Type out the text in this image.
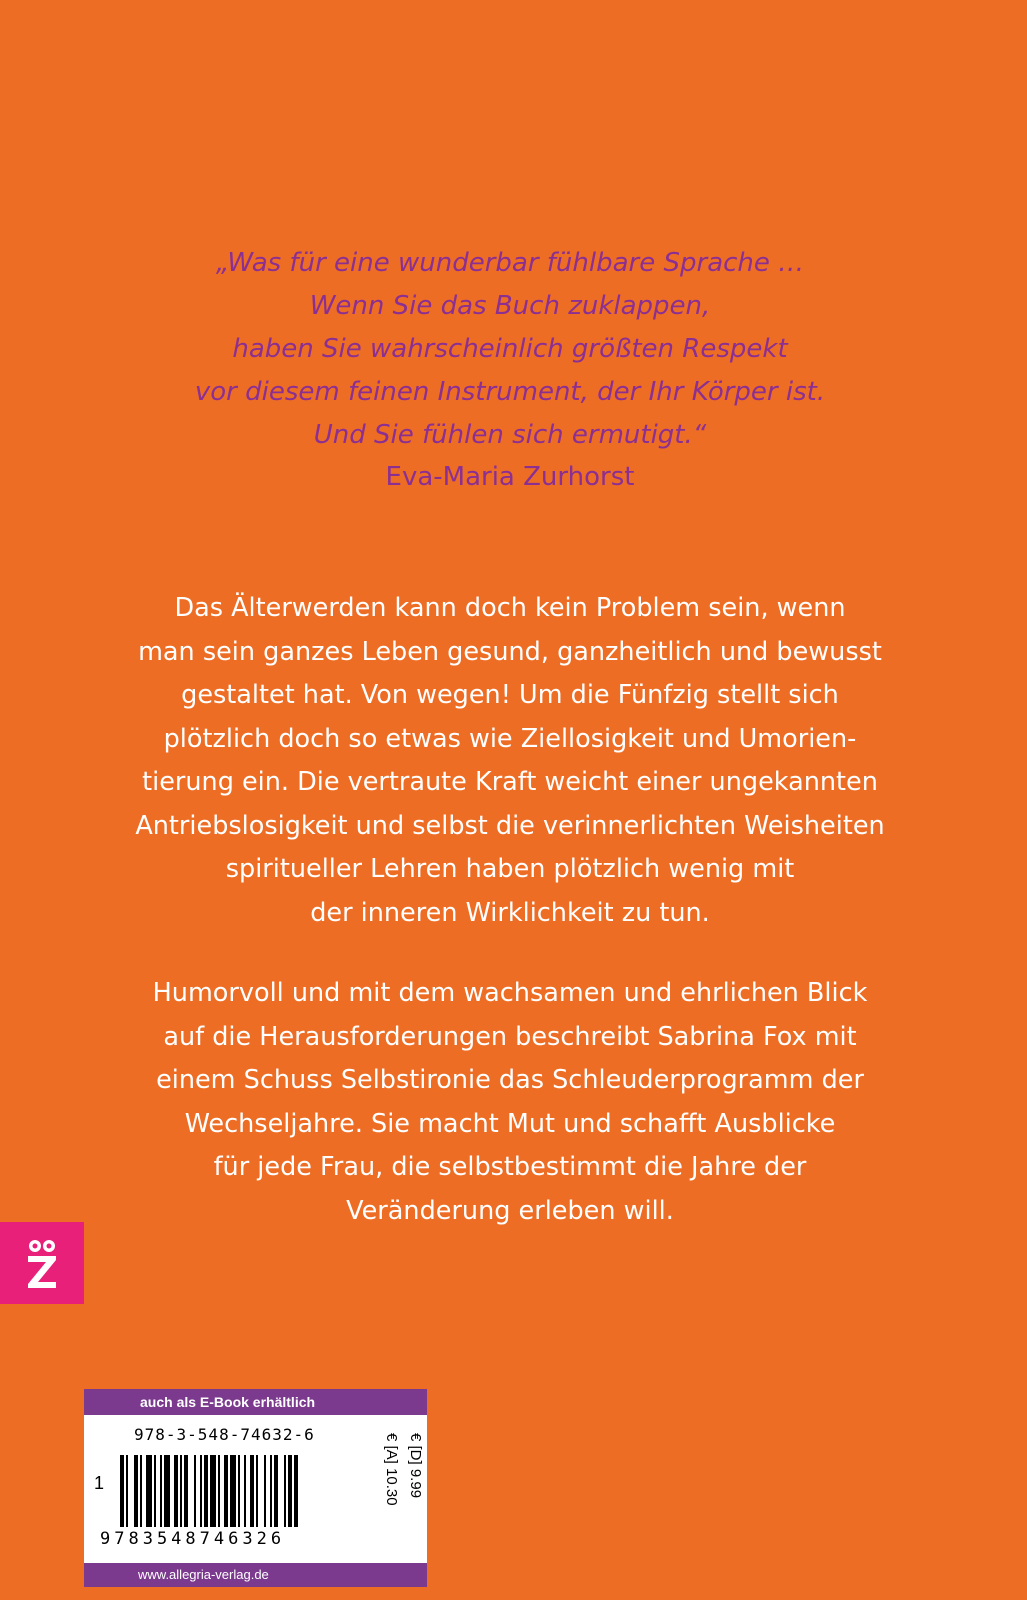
„Was für eine wunderbar fühlbare Sprache …
Wenn Sie das Buch zuklappen,
haben Sie wahrscheinlich größten Respekt
vor diesem feinen Instrument, der Ihr Körper ist.
Und Sie fühlen sich ermutigt.“
Eva-Maria Zurhorst
Das Älterwerden kann doch kein Problem sein, wenn
man sein ganzes Leben gesund, ganzheitlich und bewusst
gestaltet hat. Von wegen! Um die Fünfzig stellt sich
plötzlich doch so etwas wie Ziellosigkeit und Umorien-
tierung ein. Die vertraute Kraft weicht einer ungekannten
Antriebslosigkeit und selbst die verinnerlichten Weisheiten
spiritueller Lehren haben plötzlich wenig mit
der inneren Wirklichkeit zu tun.
Humorvoll und mit dem wachsamen und ehrlichen Blick
auf die Herausforderungen beschreibt Sabrina Fox mit
einem Schuss Selbstironie das Schleuderprogramm der
Wechseljahre. Sie macht Mut und schafft Ausblicke
für jede Frau, die selbstbestimmt die Jahre der
Veränderung erleben will.
auch als E-Book erhältlich
978-3-548-74632-6
1
9783548746326
€ [D] 9.99
€ [A] 10.30
www.allegria-verlag.de
